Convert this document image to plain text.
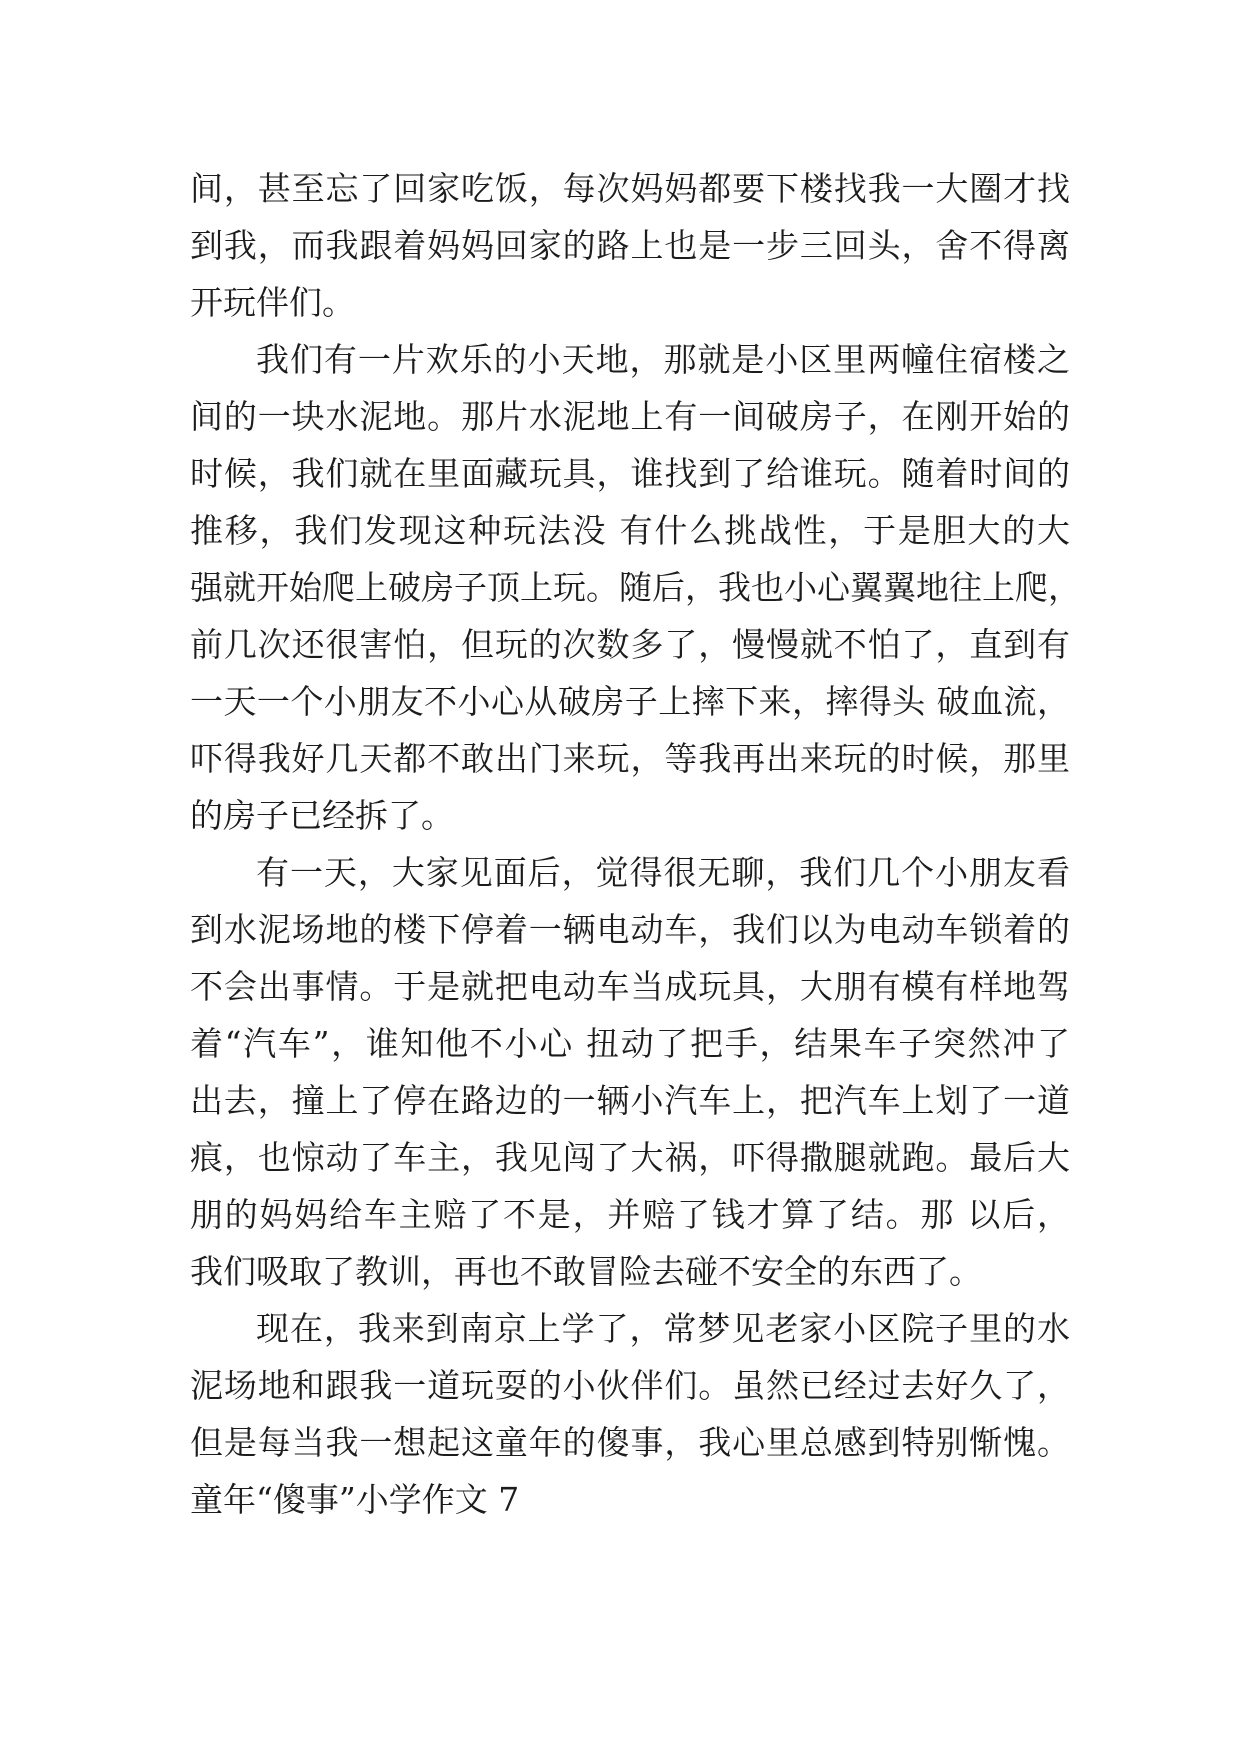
间，甚至忘了回家吃饭，每次妈妈都要下楼找我一大圈才找
到我，而我跟着妈妈回家的路上也是一步三回头，舍不得离
开玩伴们。
我们有一片欢乐的小天地，那就是小区里两幢住宿楼之
间的一块水泥地。那片水泥地上有一间破房子，在刚开始的
时候，我们就在里面藏玩具，谁找到了给谁玩。随着时间的
推移，我们发现这种玩法没 有什么挑战性，于是胆大的大
强就开始爬上破房子顶上玩。随后，我也小心翼翼地往上爬，
前几次还很害怕，但玩的次数多了，慢慢就不怕了，直到有
一天一个小朋友不小心从破房子上摔下来，摔得头 破血流，
吓得我好几天都不敢出门来玩，等我再出来玩的时候，那里
的房子已经拆了。
有一天，大家见面后，觉得很无聊，我们几个小朋友看
到水泥场地的楼下停着一辆电动车，我们以为电动车锁着的
不会出事情。于是就把电动车当成玩具，大朋有模有样地驾
着“汽车”，谁知他不小心 扭动了把手，结果车子突然冲了
出去，撞上了停在路边的一辆小汽车上，把汽车上划了一道
痕，也惊动了车主，我见闯了大祸，吓得撒腿就跑。最后大
朋的妈妈给车主赔了不是，并赔了钱才算了结。那 以后，
我们吸取了教训，再也不敢冒险去碰不安全的东西了。
现在，我来到南京上学了，常梦见老家小区院子里的水
泥场地和跟我一道玩耍的小伙伴们。虽然已经过去好久了，
但是每当我一想起这童年的傻事，我心里总感到特别惭愧。
童年“傻事”小学作文 7
